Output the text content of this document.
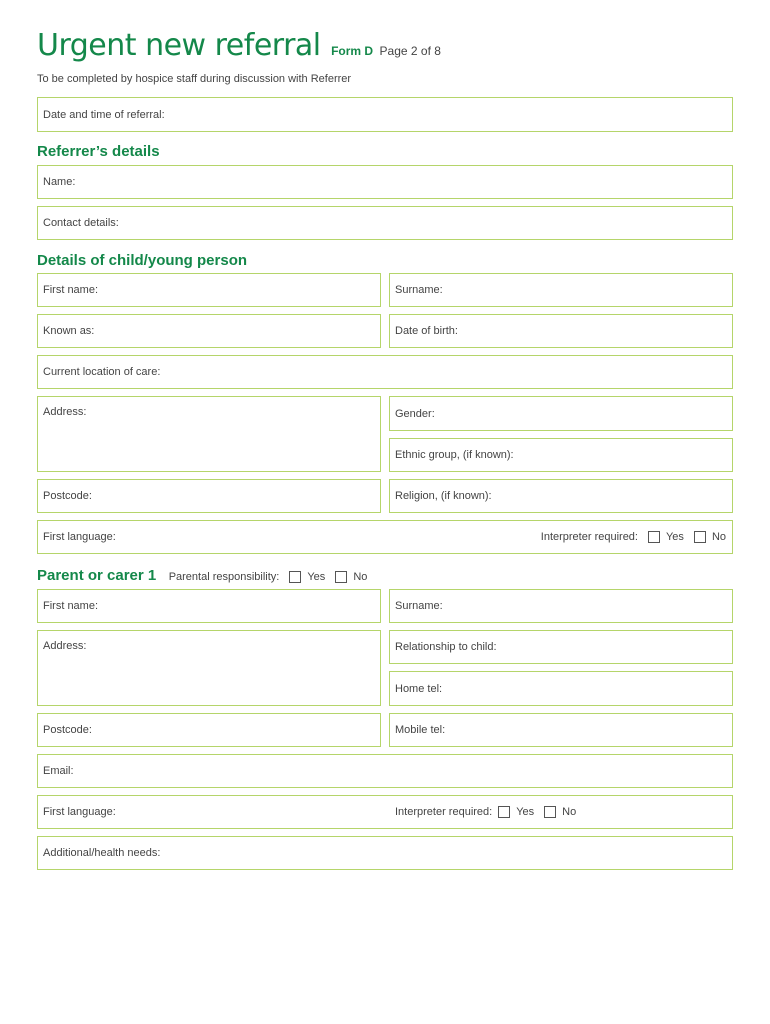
Urgent new referral Form D Page 2 of 8
To be completed by hospice staff during discussion with Referrer
Date and time of referral:
Referrer’s details
Name:
Contact details:
Details of child/young person
First name:	Surname:
Known as:	Date of birth:
Current location of care:
Address:	Gender:
Ethnic group, (if known):
Postcode:	Religion, (if known):
First language:	Interpreter required:	Yes	No
Parent or carer 1 Parental responsibility:	Yes	No
First name:	Surname:
Address:	Relationship to child:
Home tel:
Postcode:	Mobile tel:
Email:
First language:	Interpreter required: Yes	No
Additional/health needs:
